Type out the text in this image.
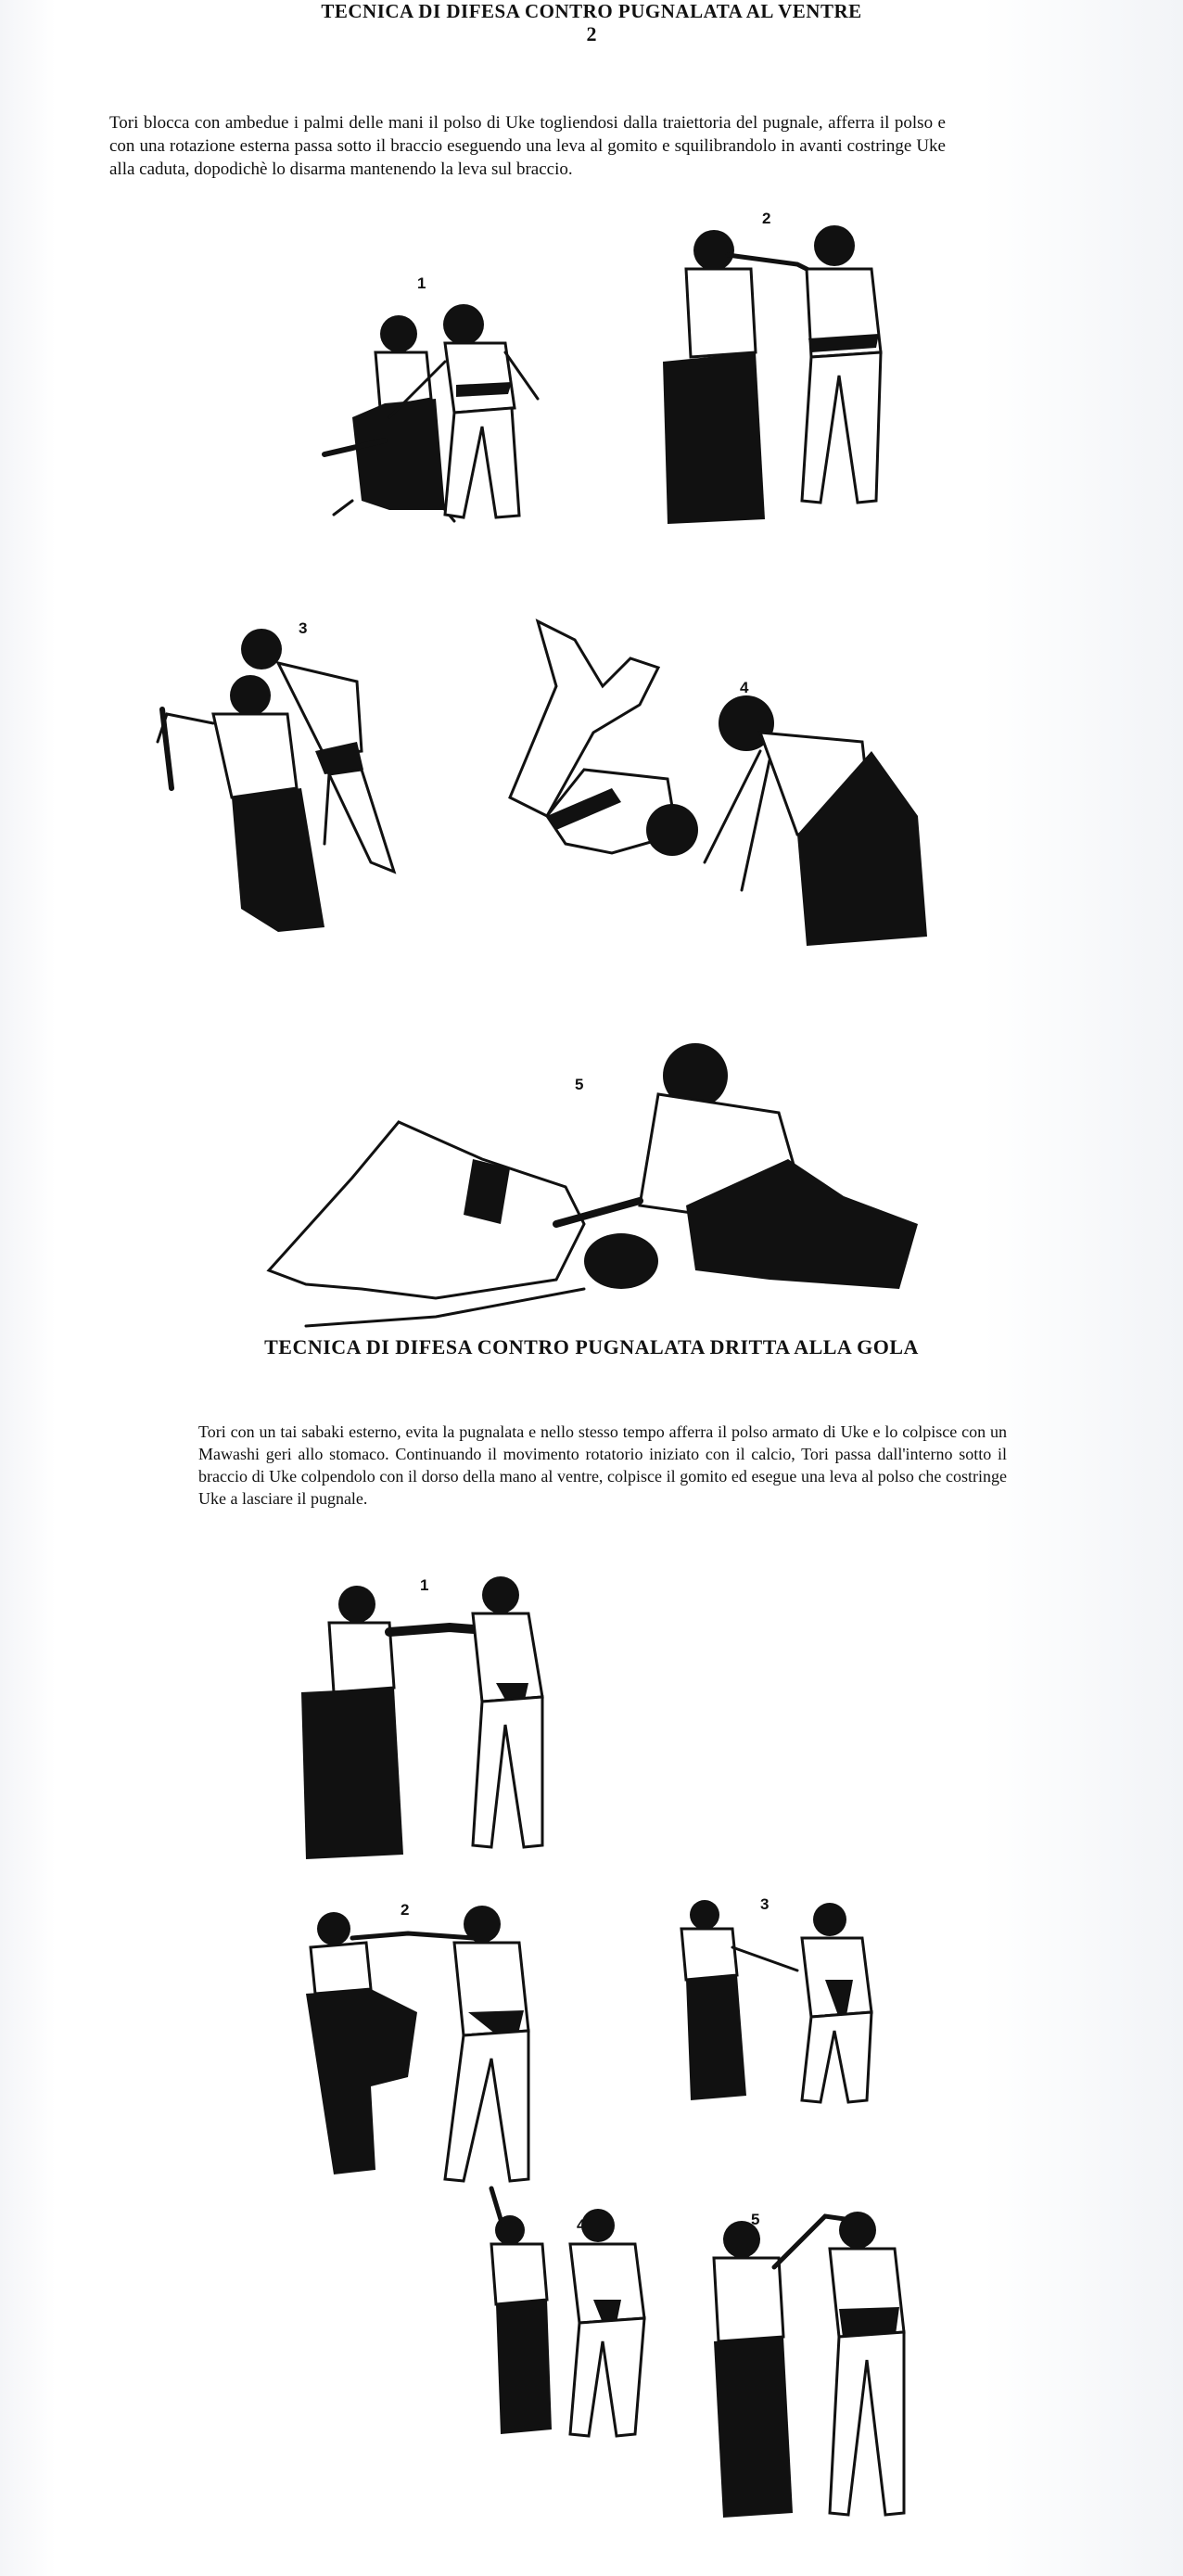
TECNICA DI DIFESA CONTRO PUGNALATA AL VENTRE
2
Tori blocca con ambedue i palmi delle mani il polso di Uke togliendosi dalla traiettoria del pugnale, afferra il polso e con una rotazione esterna passa sotto il braccio eseguendo una leva al gomito e squilibrandolo in avanti costringe Uke alla caduta, dopodichè lo disarma mantenendo la leva sul braccio.
1
2
3
4
5
TECNICA DI DIFESA CONTRO PUGNALATA DRITTA ALLA GOLA
Tori con un tai sabaki esterno, evita la pugnalata e nello stesso tempo afferra il polso armato di Uke e lo colpisce con un Mawashi geri allo stomaco. Continuando il movimento rotatorio iniziato con il calcio, Tori passa dall'interno sotto il braccio di Uke colpendolo con il dorso della mano al ventre, colpisce il gomito ed esegue una leva al polso che costringe Uke a lasciare il pugnale.
1
2	3
4	5
